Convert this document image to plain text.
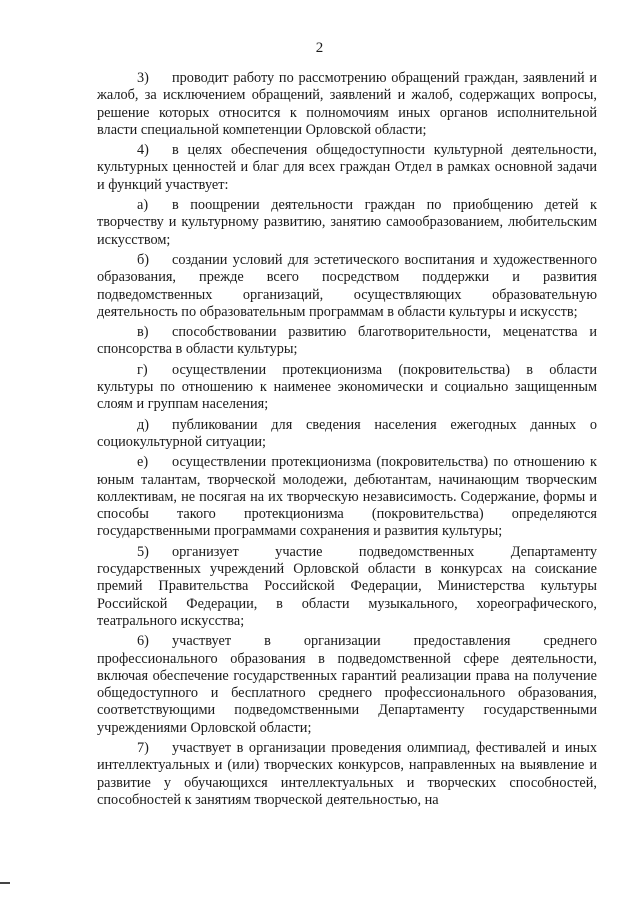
2

3) проводит работу по рассмотрению обращений граждан, заявлений и жалоб, за исключением обращений, заявлений и жалоб, содержащих вопросы, решение которых относится к полномочиям иных органов исполнительной власти специальной компетенции Орловской области;

4) в целях обеспечения общедоступности культурной деятельности, культурных ценностей и благ для всех граждан Отдел в рамках основной задачи и функций участвует:

а) в поощрении деятельности граждан по приобщению детей к творчеству и культурному развитию, занятию самообразованием, любительским искусством;

б) создании условий для эстетического воспитания и художественного образования, прежде всего посредством поддержки и развития подведомственных организаций, осуществляющих образовательную деятельность по образовательным программам в области культуры и искусств;

в) способствовании развитию благотворительности, меценатства и спонсорства в области культуры;

г) осуществлении протекционизма (покровительства) в области культуры по отношению к наименее экономически и социально защищенным слоям и группам населения;

д) публиковании для сведения населения ежегодных данных о социокультурной ситуации;

е) осуществлении протекционизма (покровительства) по отношению к юным талантам, творческой молодежи, дебютантам, начинающим творческим коллективам, не посягая на их творческую независимость. Содержание, формы и способы такого протекционизма (покровительства) определяются государственными программами сохранения и развития культуры;

5) организует участие подведомственных Департаменту государственных учреждений Орловской области в конкурсах на соискание премий Правительства Российской Федерации, Министерства культуры Российской Федерации, в области музыкального, хореографического, театрального искусства;

6) участвует в организации предоставления среднего профессионального образования в подведомственной сфере деятельности, включая обеспечение государственных гарантий реализации права на получение общедоступного и бесплатного среднего профессионального образования, соответствующими подведомственными Департаменту государственными учреждениями Орловской области;

7) участвует в организации проведения олимпиад, фестивалей и иных интеллектуальных и (или) творческих конкурсов, направленных на выявление и развитие у обучающихся интеллектуальных и творческих способностей, способностей к занятиям творческой деятельностью, на
